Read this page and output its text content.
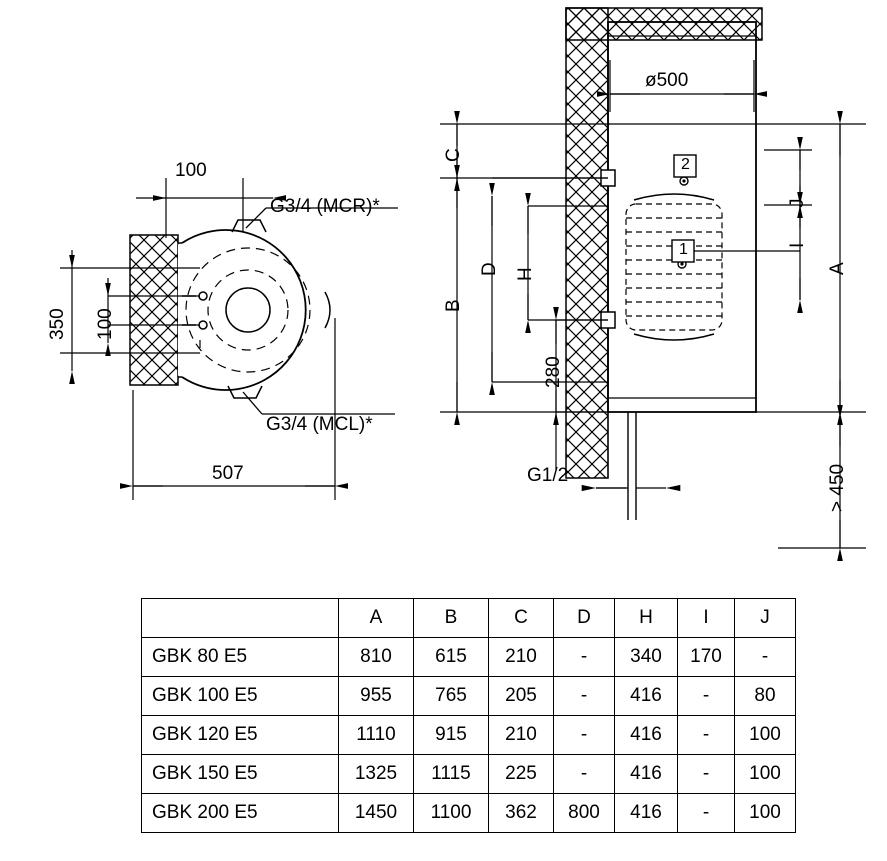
100
G3/4 (MCR)*
G3/4 (MCL)*
350 100
507
ø500
C
B
D H
280
A
I
J
> 450
G1/2
1
2
	A	B	C	D	H	I	J
GBK 80 E5	810	615	210	-	340	170	-
GBK 100 E5	955	765	205	-	416	-	80
GBK 120 E5	1110	915	210	-	416	-	100
GBK 150 E5	1325	1115	225	-	416	-	100
GBK 200 E5	1450	1100	362	800	416	-	100
